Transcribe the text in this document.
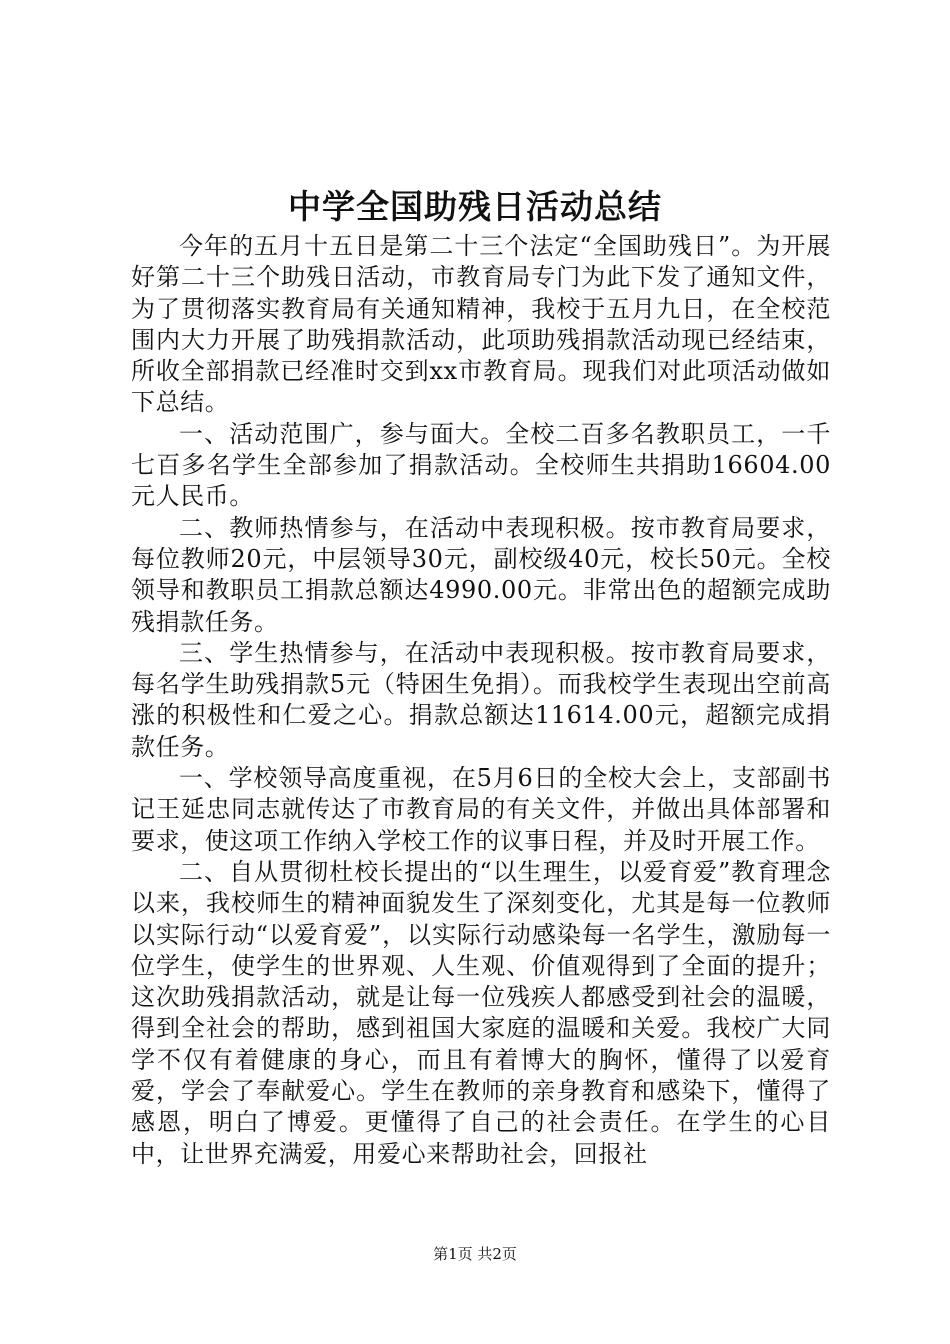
中学全国助残日活动总结

今年的五月十五日是第二十三个法定“全国助残日”。为开展好第二十三个助残日活动，市教育局专门为此下发了通知文件，为了贯彻落实教育局有关通知精神，我校于五月九日，在全校范围内大力开展了助残捐款活动，此项助残捐款活动现已经结束，所收全部捐款已经准时交到xx市教育局。现我们对此项活动做如下总结。

一、活动范围广，参与面大。全校二百多名教职员工，一千七百多名学生全部参加了捐款活动。全校师生共捐助16604.00元人民币。

二、教师热情参与，在活动中表现积极。按市教育局要求，每位教师20元，中层领导30元，副校级40元，校长50元。全校领导和教职员工捐款总额达4990.00元。非常出色的超额完成助残捐款任务。

三、学生热情参与，在活动中表现积极。按市教育局要求，每名学生助残捐款5元（特困生免捐）。而我校学生表现出空前高涨的积极性和仁爱之心。捐款总额达11614.00元，超额完成捐款任务。

一、学校领导高度重视，在5月6日的全校大会上，支部副书记王延忠同志就传达了市教育局的有关文件，并做出具体部署和要求，使这项工作纳入学校工作的议事日程，并及时开展工作。

二、自从贯彻杜校长提出的“以生理生，以爱育爱”教育理念以来，我校师生的精神面貌发生了深刻变化，尤其是每一位教师以实际行动“以爱育爱”，以实际行动感染每一名学生，激励每一位学生，使学生的世界观、人生观、价值观得到了全面的提升；这次助残捐款活动，就是让每一位残疾人都感受到社会的温暖，得到全社会的帮助，感到祖国大家庭的温暖和关爱。我校广大同学不仅有着健康的身心，而且有着博大的胸怀，懂得了以爱育爱，学会了奉献爱心。学生在教师的亲身教育和感染下，懂得了感恩，明白了博爱。更懂得了自己的社会责任。在学生的心目中，让世界充满爱，用爱心来帮助社会，回报社

第1页 共2页
